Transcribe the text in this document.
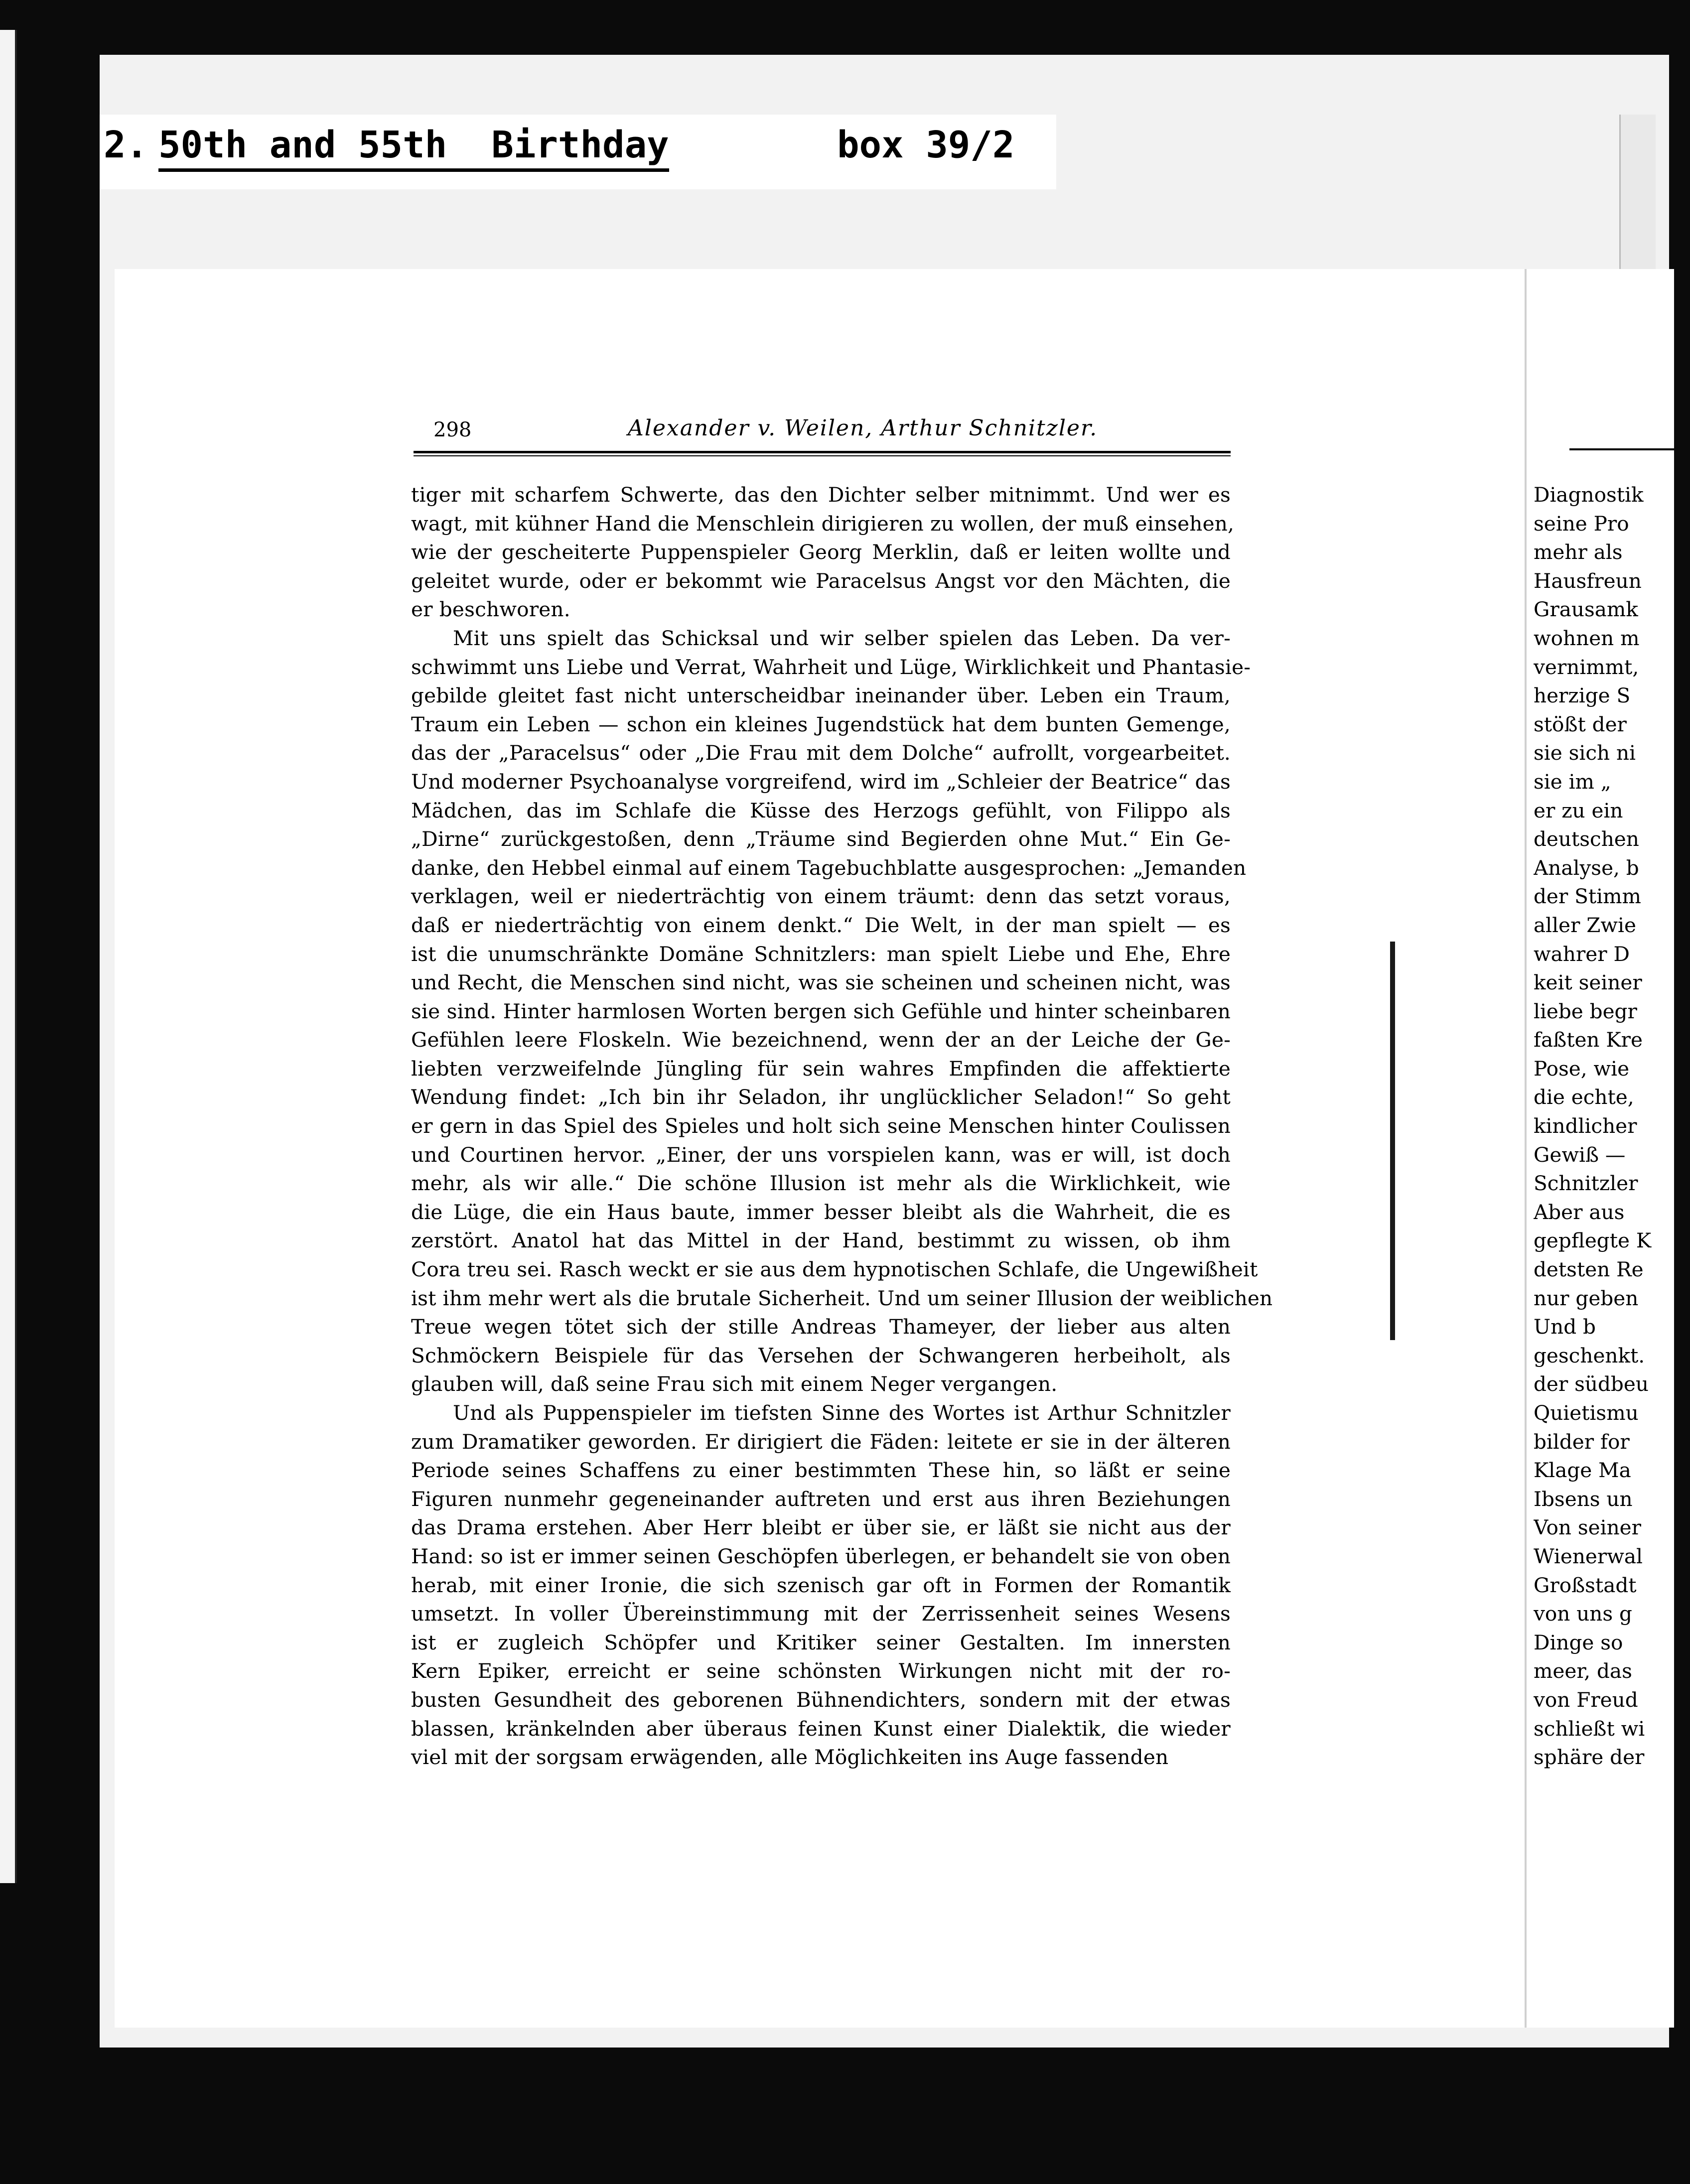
2. 50th and 55th  Birthday	box 39/2
298	Alexander v. Weilen, Arthur Schnitzler.

tiger mit scharfem Schwerte, das den Dichter selber mitnimmt. Und wer es
wagt, mit kühner Hand die Menschlein dirigieren zu wollen, der muß einsehen,
wie der gescheiterte Puppenspieler Georg Merklin, daß er leiten wollte und
geleitet wurde, oder er bekommt wie Paracelsus Angst vor den Mächten, die
er beschworen.

Mit uns spielt das Schicksal und wir selber spielen das Leben. Da ver-
schwimmt uns Liebe und Verrat, Wahrheit und Lüge, Wirklichkeit und Phantasie-
gebilde gleitet fast nicht unterscheidbar ineinander über. Leben ein Traum,
Traum ein Leben — schon ein kleines Jugendstück hat dem bunten Gemenge,
das der „Paracelsus“ oder „Die Frau mit dem Dolche“ aufrollt, vorgearbeitet.
Und moderner Psychoanalyse vorgreifend, wird im „Schleier der Beatrice“ das
Mädchen, das im Schlafe die Küsse des Herzogs gefühlt, von Filippo als
„Dirne“ zurückgestoßen, denn „Träume sind Begierden ohne Mut.“ Ein Ge-
danke, den Hebbel einmal auf einem Tagebuchblatte ausgesprochen: „Jemanden
verklagen, weil er niederträchtig von einem träumt: denn das setzt voraus,
daß er niederträchtig von einem denkt.“ Die Welt, in der man spielt — es
ist die unumschränkte Domäne Schnitzlers: man spielt Liebe und Ehe, Ehre
und Recht, die Menschen sind nicht, was sie scheinen und scheinen nicht, was
sie sind. Hinter harmlosen Worten bergen sich Gefühle und hinter scheinbaren
Gefühlen leere Floskeln. Wie bezeichnend, wenn der an der Leiche der Ge-
liebten verzweifelnde Jüngling für sein wahres Empfinden die affektierte
Wendung findet: „Ich bin ihr Seladon, ihr unglücklicher Seladon!“ So geht
er gern in das Spiel des Spieles und holt sich seine Menschen hinter Coulissen
und Courtinen hervor. „Einer, der uns vorspielen kann, was er will, ist doch
mehr, als wir alle.“ Die schöne Illusion ist mehr als die Wirklichkeit, wie
die Lüge, die ein Haus baute, immer besser bleibt als die Wahrheit, die es
zerstört. Anatol hat das Mittel in der Hand, bestimmt zu wissen, ob ihm
Cora treu sei. Rasch weckt er sie aus dem hypnotischen Schlafe, die Ungewißheit
ist ihm mehr wert als die brutale Sicherheit. Und um seiner Illusion der weiblichen
Treue wegen tötet sich der stille Andreas Thameyer, der lieber aus alten
Schmöckern Beispiele für das Versehen der Schwangeren herbeiholt, als
glauben will, daß seine Frau sich mit einem Neger vergangen.

Und als Puppenspieler im tiefsten Sinne des Wortes ist Arthur Schnitzler
zum Dramatiker geworden. Er dirigiert die Fäden: leitete er sie in der älteren
Periode seines Schaffens zu einer bestimmten These hin, so läßt er seine
Figuren nunmehr gegeneinander auftreten und erst aus ihren Beziehungen
das Drama erstehen. Aber Herr bleibt er über sie, er läßt sie nicht aus der
Hand: so ist er immer seinen Geschöpfen überlegen, er behandelt sie von oben
herab, mit einer Ironie, die sich szenisch gar oft in Formen der Romantik
umsetzt. In voller Übereinstimmung mit der Zerrissenheit seines Wesens
ist er zugleich Schöpfer und Kritiker seiner Gestalten. Im innersten
Kern Epiker, erreicht er seine schönsten Wirkungen nicht mit der ro-
busten Gesundheit des geborenen Bühnendichters, sondern mit der etwas
blassen, kränkelnden aber überaus feinen Kunst einer Dialektik, die wieder
viel mit der sorgsam erwägenden, alle Möglichkeiten ins Auge fassenden

Diagnostik
seine Pro
mehr als
Hausfreun
Grausamk
wohnen m
vernimmt,
herzige S
stößt der
sie sich ni
sie im „
er zu ein
deutschen
Analyse, b
der Stimm
aller Zwie
wahrer D
keit seiner
liebe begr
faßten Kre
Pose, wie
die echte,
kindlicher
Gewiß —
Schnitzler
Aber aus
gepflegte K
detsten Re
nur geben
Und b
geschenkt.
der südbeu
Quietismu
bilder for
Klage Ma
Ibsens un
Von seiner
Wienerwal
Großstadt
von uns g
Dinge so
meer, das
von Freud
schließt wi
sphäre der
